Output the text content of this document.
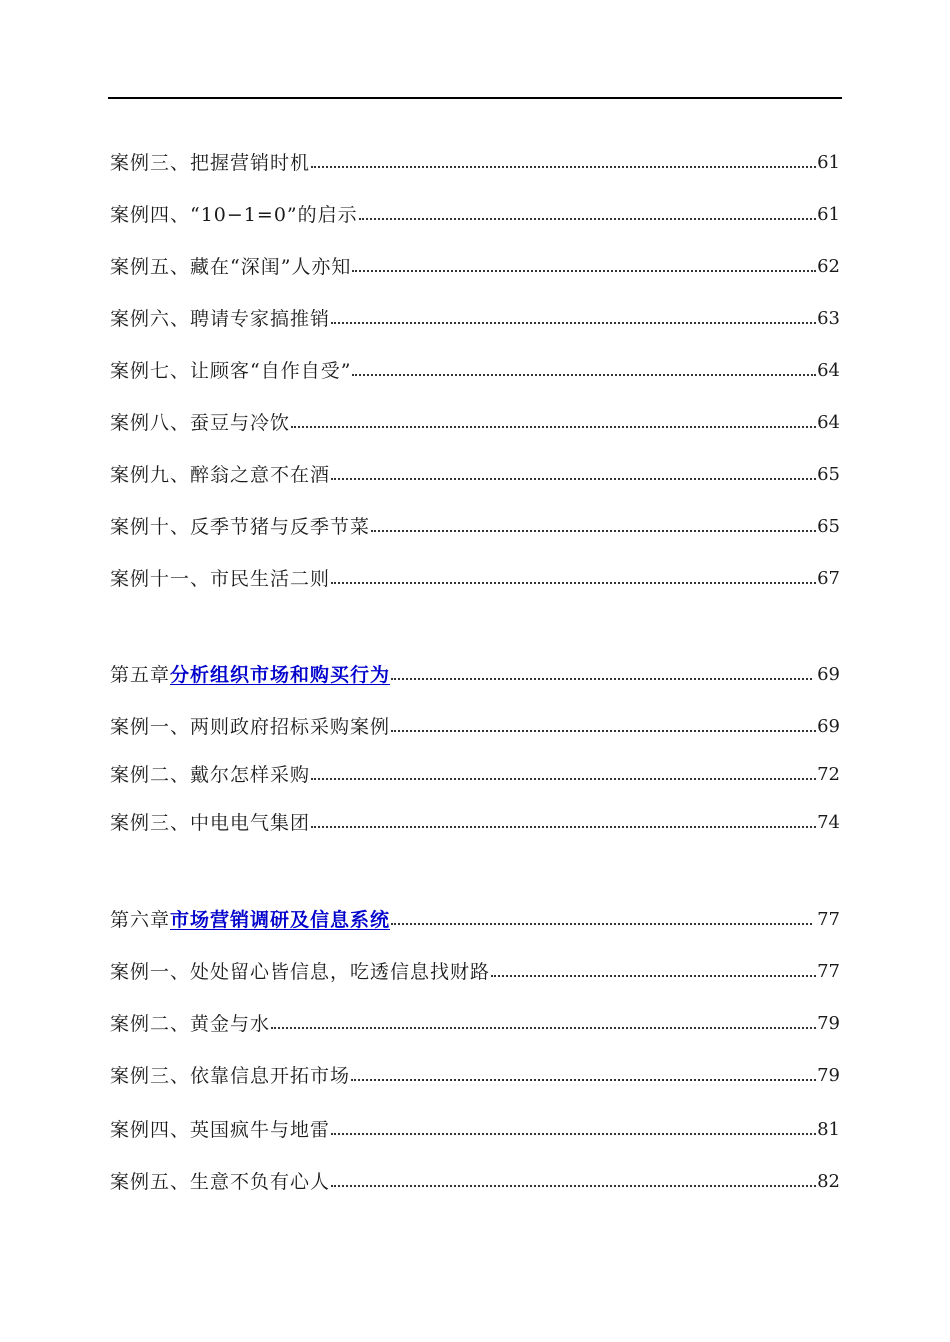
案例三、把握营销时机	61
案例四、“10−1=0”的启示	61
案例五、藏在“深闺”人亦知	62
案例六、聘请专家搞推销	63
案例七、让顾客“自作自受”	64
案例八、蚕豆与冷饮	64
案例九、醉翁之意不在酒	65
案例十、反季节猪与反季节菜	65
案例十一、市民生活二则	67
第五章 分析组织市场和购买行为	69
案例一、两则政府招标采购案例	69
案例二、戴尔怎样采购	72
案例三、中电电气集团	74
第六章 市场营销调研及信息系统	77
案例一、处处留心皆信息，吃透信息找财路	77
案例二、黄金与水	79
案例三、依靠信息开拓市场	79
案例四、英国疯牛与地雷	81
案例五、生意不负有心人	82
